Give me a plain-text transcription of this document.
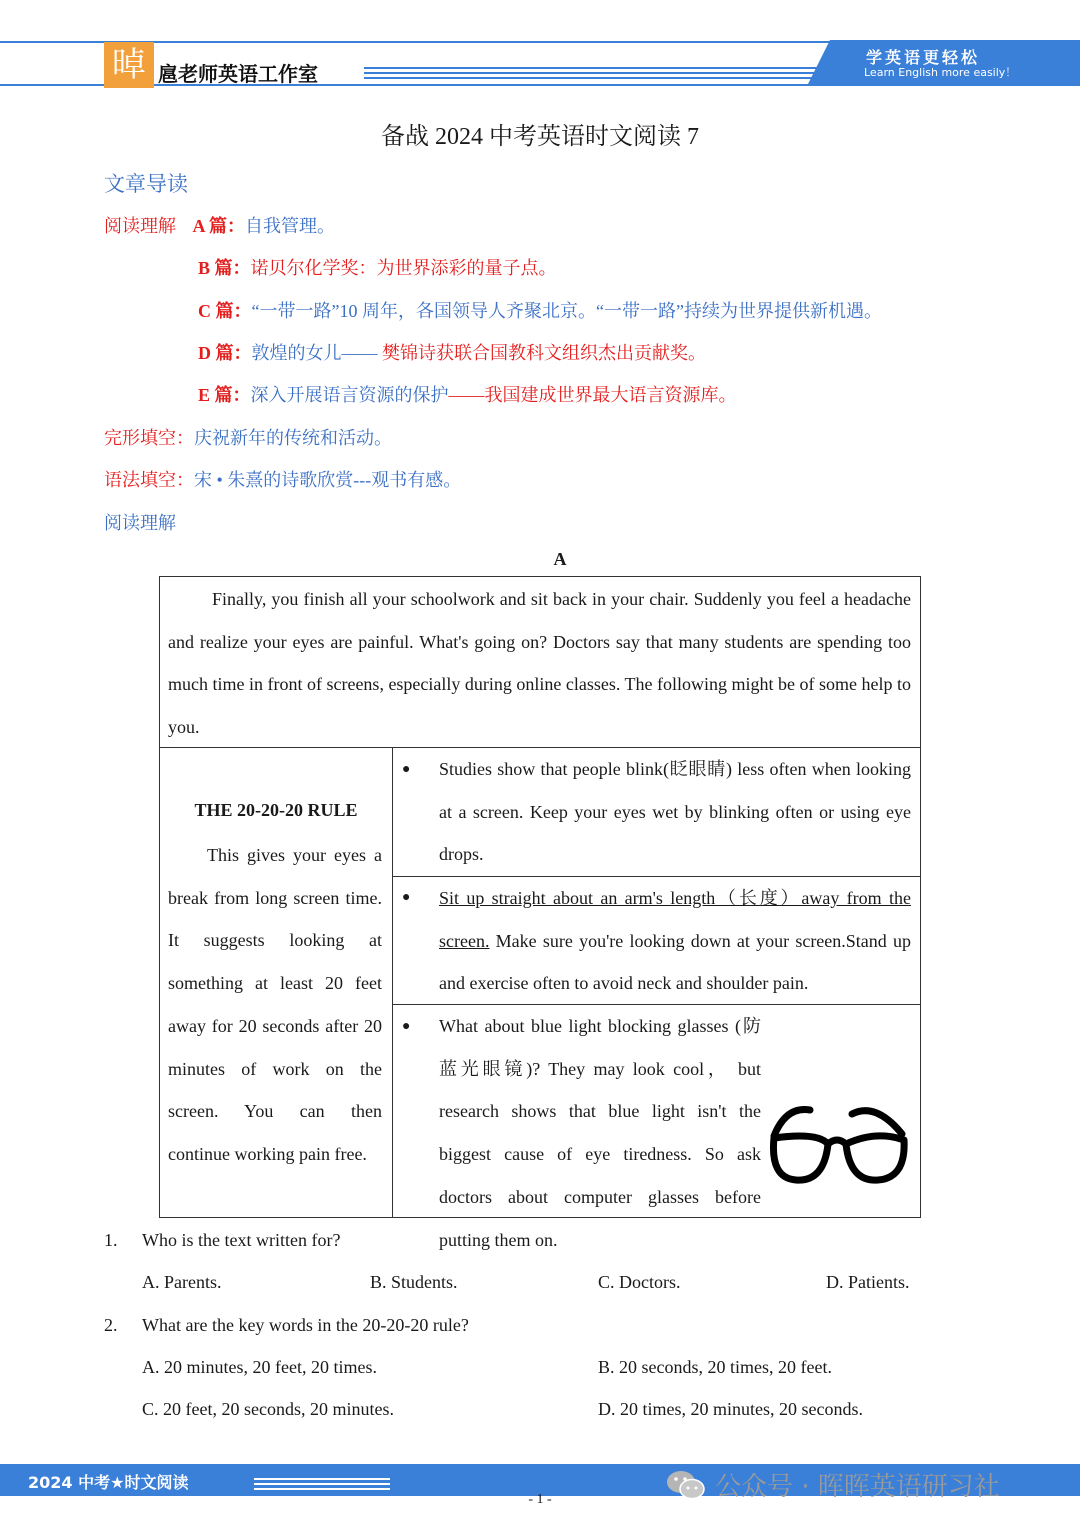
晫 扈老师英语工作室
学英语更轻松
Learn English more easily！
备战 2024 中考英语时文阅读 7
文章导读
阅读理解 A 篇：自我管理。
B 篇：诺贝尔化学奖：为世界添彩的量子点。
C 篇：“一带一路”10 周年，各国领导人齐聚北京。“一带一路”持续为世界提供新机遇。
D 篇：敦煌的女儿—— 樊锦诗获联合国教科文组织杰出贡献奖。
E 篇：深入开展语言资源的保护——我国建成世界最大语言资源库。
完形填空：庆祝新年的传统和活动。
语法填空：宋 • 朱熹的诗歌欣赏---观书有感。
阅读理解
A
Finally, you finish all your schoolwork and sit back in your chair. Suddenly you feel a headache and realize your eyes are painful. What's going on? Doctors say that many students are spending too much time in front of screens, especially during online classes. The following might be of some help to you.
THE 20-20-20 RULE
This gives your eyes a break from long screen time. It suggests looking at something at least 20 feet away for 20 seconds after 20 minutes of work on the screen. You can then continue working pain free.
● Studies show that people blink(眨眼睛) less often when looking at a screen. Keep your eyes wet by blinking often or using eye drops.
● Sit up straight about an arm's length（长度）away from the screen. Make sure you're looking down at your screen.Stand up and exercise often to avoid neck and shoulder pain.
● What about blue light blocking glasses (防蓝光眼镜)? They may look cool， but research shows that blue light isn't the biggest cause of eye tiredness. So ask doctors about computer glasses before putting them on.
1. Who is the text written for?
A. Parents.	B. Students.	C. Doctors.	D. Patients.
2. What are the key words in the 20-20-20 rule?
A. 20 minutes, 20 feet, 20 times.	B. 20 seconds, 20 times, 20 feet.
C. 20 feet, 20 seconds, 20 minutes.	D. 20 times, 20 minutes, 20 seconds.
2024 中考★时文阅读	公众号 · 晖晖英语研习社
- 1 -
